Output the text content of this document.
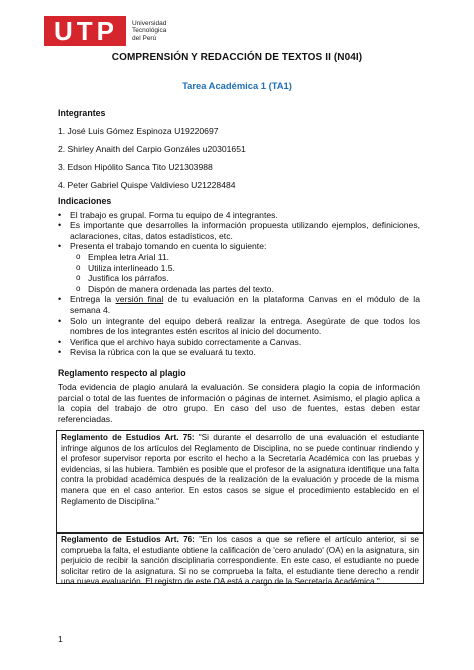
UTP	Universidad
Tecnológica
del Perú
COMPRENSIÓN Y REDACCIÓN DE TEXTOS II (N04I)
Tarea Académica 1 (TA1)
Integrantes
1. José Luis Gómez Espinoza U19220697
2. Shirley Anaith del Carpio Gonzáles u20301651
3. Edson Hipólito Sanca Tito U21303988
4. Peter Gabriel Quispe Valdivieso U21228484
Indicaciones
• El trabajo es grupal. Forma tu equipo de 4 integrantes.
• Es importante que desarrolles la información propuesta utilizando ejemplos, definiciones, aclaraciones, citas, datos estadísticos, etc.
• Presenta el trabajo tomando en cuenta lo siguiente:
o Emplea letra Arial 11.
o Utiliza interlineado 1.5.
o Justifica los párrafos.
o Dispón de manera ordenada las partes del texto.
• Entrega la versión final de tu evaluación en la plataforma Canvas en el módulo de la semana 4.
• Solo un integrante del equipo deberá realizar la entrega. Asegúrate de que todos los nombres de los integrantes estén escritos al inicio del documento.
• Verifica que el archivo haya subido correctamente a Canvas.
• Revisa la rúbrica con la que se evaluará tu texto.
Reglamento respecto al plagio
Toda evidencia de plagio anulará la evaluación. Se considera plagio la copia de información parcial o total de las fuentes de información o páginas de internet. Asimismo, el plagio aplica a la copia del trabajo de otro grupo. En caso del uso de fuentes, estas deben estar referenciadas.
Reglamento de Estudios Art. 75: "Si durante el desarrollo de una evaluación el estudiante infringe algunos de los artículos del Reglamento de Disciplina, no se puede continuar rindiendo y el profesor supervisor reporta por escrito el hecho a la Secretaría Académica con las pruebas y evidencias, si las hubiera. También es posible que el profesor de la asignatura identifique una falta contra la probidad académica después de la realización de la evaluación y procede de la misma manera que en el caso anterior. En estos casos se sigue el procedimiento establecido en el Reglamento de Disciplina."
Reglamento de Estudios Art. 76: "En los casos a que se refiere el artículo anterior, si se comprueba la falta, el estudiante obtiene la calificación de 'cero anulado' (OA) en la asignatura, sin perjuicio de recibir la sanción disciplinaria correspondiente. En este caso, el estudiante no puede solicitar retiro de la asignatura. Si no se comprueba la falta, el estudiante tiene derecho a rendir una nueva evaluación. El registro de este OA está a cargo de la Secretaría Académica."
1
